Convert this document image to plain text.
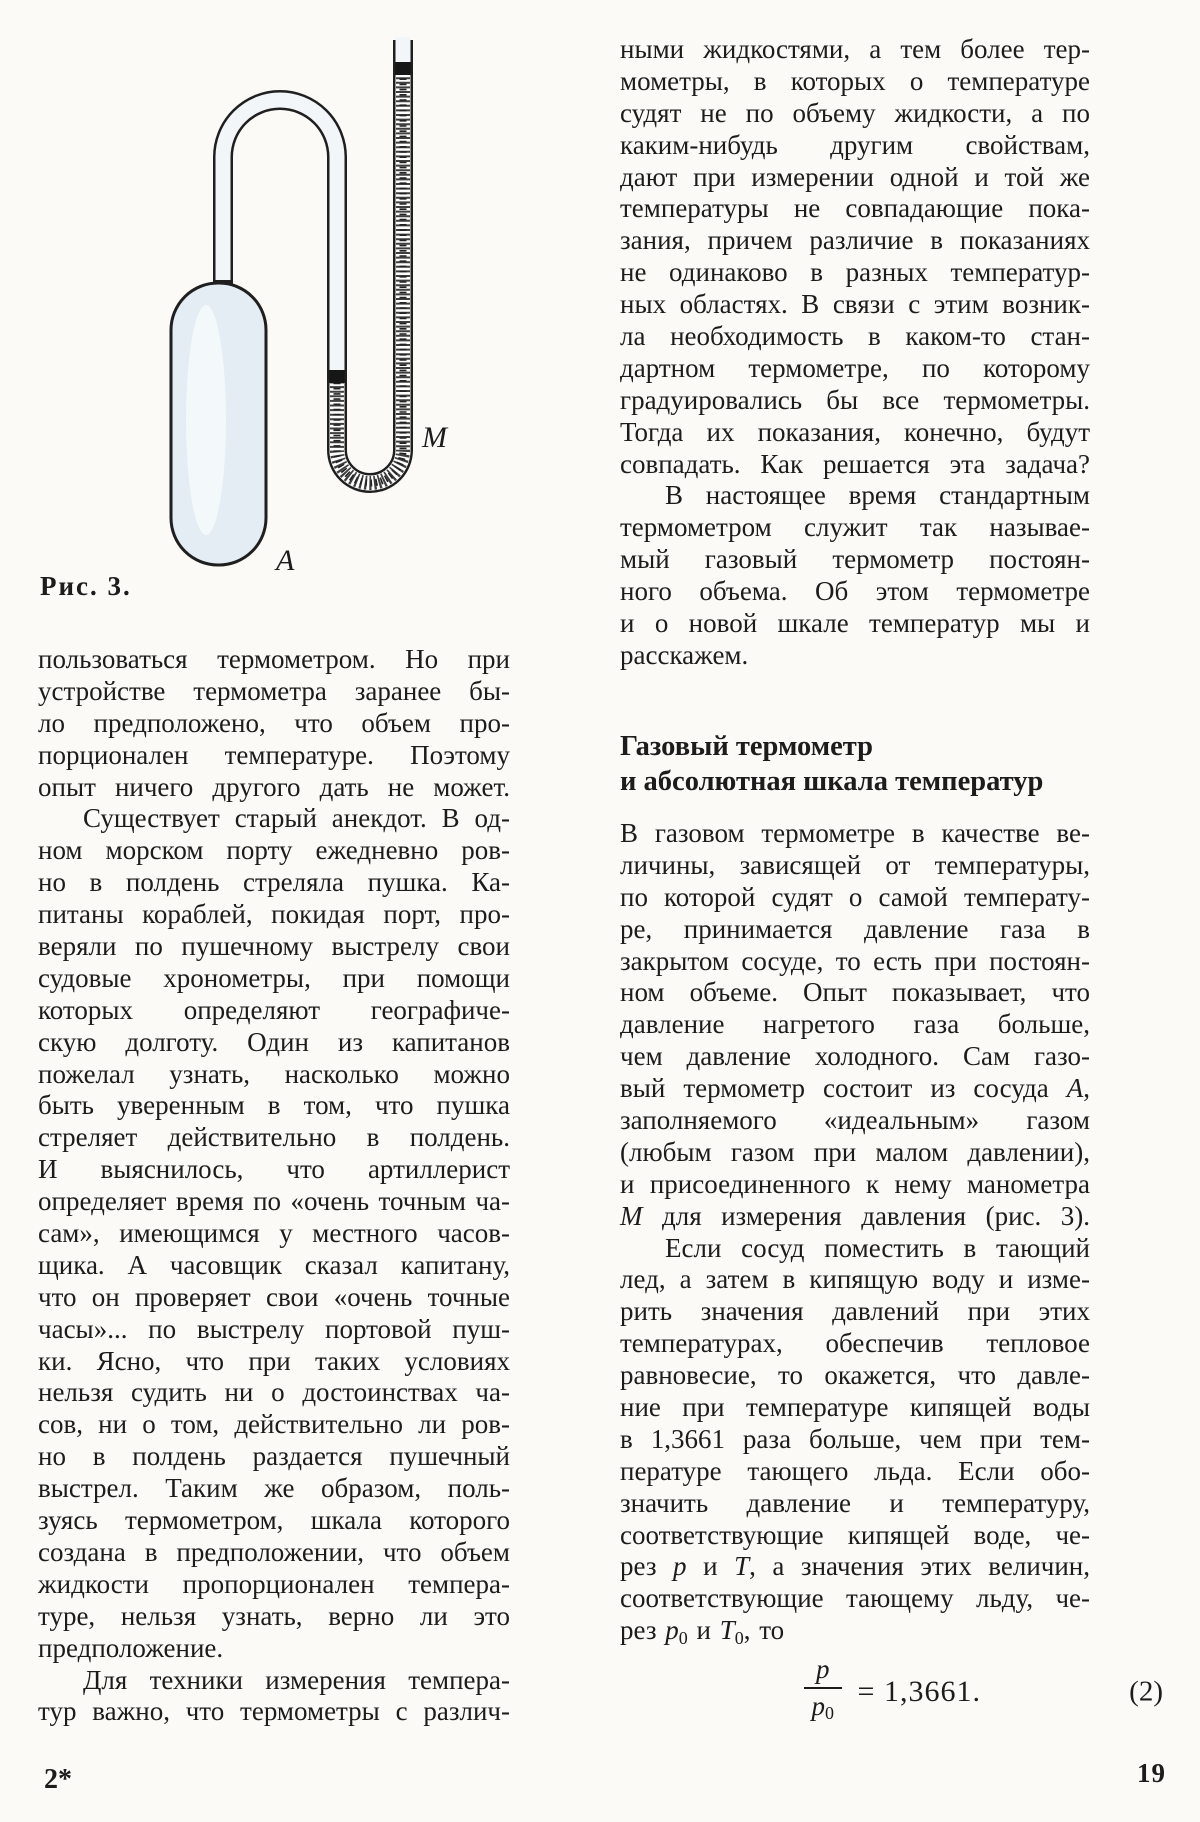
A
M
Рис. 3.
пользоваться термометром. Но при
устройстве термометра заранее бы-
ло предположено, что объем про-
порционален температуре. Поэтому
опыт ничего другого дать не может.
Существует старый анекдот. В од-
ном морском порту ежедневно ров-
но в полдень стреляла пушка. Ка-
питаны кораблей, покидая порт, про-
веряли по пушечному выстрелу свои
судовые хронометры, при помощи
которых определяют географиче-
скую долготу. Один из капитанов
пожелал узнать, насколько можно
быть уверенным в том, что пушка
стреляет действительно в полдень.
И выяснилось, что артиллерист
определяет время по «очень точным ча-
сам», имеющимся у местного часов-
щика. А часовщик сказал капитану,
что он проверяет свои «очень точные
часы»... по выстрелу портовой пуш-
ки. Ясно, что при таких условиях
нельзя судить ни о достоинствах ча-
сов, ни о том, действительно ли ров-
но в полдень раздается пушечный
выстрел. Таким же образом, поль-
зуясь термометром, шкала которого
создана в предположении, что объем
жидкости пропорционален темпера-
туре, нельзя узнать, верно ли это
предположение.
Для техники измерения темпера-
тур важно, что термометры с различ-
ными жидкостями, а тем более тер-
мометры, в которых о температуре
судят не по объему жидкости, а по
каким-нибудь другим свойствам,
дают при измерении одной и той же
температуры не совпадающие пока-
зания, причем различие в показаниях
не одинаково в разных температур-
ных областях. В связи с этим возник-
ла необходимость в каком-то стан-
дартном термометре, по которому
градуировались бы все термометры.
Тогда их показания, конечно, будут
совпадать. Как решается эта задача?
В настоящее время стандартным
термометром служит так называе-
мый газовый термометр постоян-
ного объема. Об этом термометре
и о новой шкале температур мы и
расскажем.
Газовый термометр
и абсолютная шкала температур
В газовом термометре в качестве ве-
личины, зависящей от температуры,
по которой судят о самой температу-
ре, принимается давление газа в
закрытом сосуде, то есть при постоян-
ном объеме. Опыт показывает, что
давление нагретого газа больше,
чем давление холодного. Сам газо-
вый термометр состоит из сосуда А,
заполняемого «идеальным» газом
(любым газом при малом давлении),
и присоединенного к нему манометра
М для измерения давления (рис. 3).
Если сосуд поместить в тающий
лед, а затем в кипящую воду и изме-
рить значения давлений при этих
температурах, обеспечив тепловое
равновесие, то окажется, что давле-
ние при температуре кипящей воды
в 1,3661 раза больше, чем при тем-
пературе тающего льда. Если обо-
значить давление и температуру,
соответствующие кипящей воде, че-
рез p и T, а значения этих величин,
соответствующие тающему льду, че-
рез $p_0$ и $T_0$, то
$\frac{p}{p_0} = 1,3661$.	(2)
2*	19
